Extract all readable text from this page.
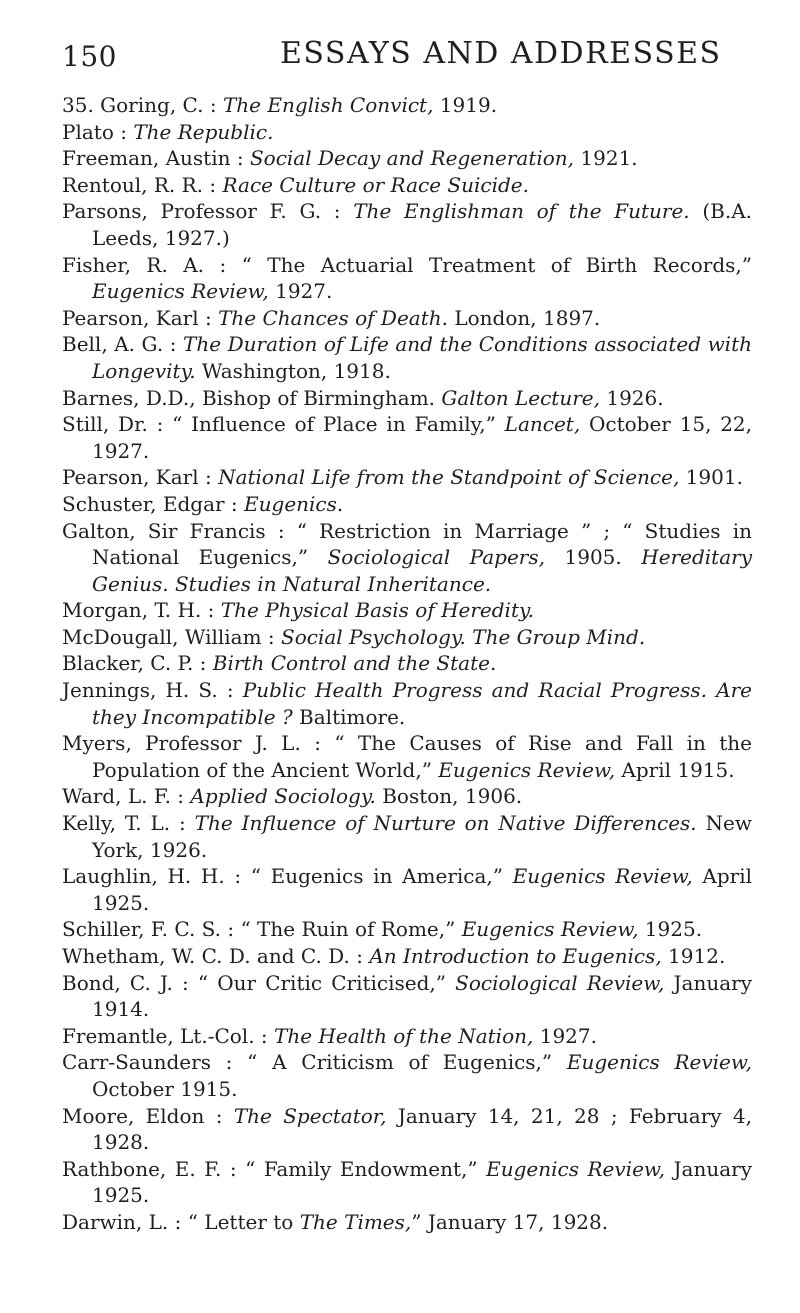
150	ESSAYS AND ADDRESSES
35. Goring, C. : The English Convict, 1919.
Plato : The Republic.
Freeman, Austin : Social Decay and Regeneration, 1921.
Rentoul, R. R. : Race Culture or Race Suicide.
Parsons, Professor F. G. : The Englishman of the Future. (B.A. Leeds, 1927.)
Fisher, R. A. : “ The Actuarial Treatment of Birth Records,” Eugenics Review, 1927.
Pearson, Karl : The Chances of Death. London, 1897.
Bell, A. G. : The Duration of Life and the Conditions associated with Longevity. Washington, 1918.
Barnes, D.D., Bishop of Birmingham. Galton Lecture, 1926.
Still, Dr. : “ Influence of Place in Family,” Lancet, October 15, 22, 1927.
Pearson, Karl : National Life from the Standpoint of Science, 1901.
Schuster, Edgar : Eugenics.
Galton, Sir Francis : “ Restriction in Marriage ” ; “ Studies in National Eugenics,” Sociological Papers, 1905. Hereditary Genius. Studies in Natural Inheritance.
Morgan, T. H. : The Physical Basis of Heredity.
McDougall, William : Social Psychology. The Group Mind.
Blacker, C. P. : Birth Control and the State.
Jennings, H. S. : Public Health Progress and Racial Progress. Are they Incompatible ? Baltimore.
Myers, Professor J. L. : “ The Causes of Rise and Fall in the Population of the Ancient World,” Eugenics Review, April 1915.
Ward, L. F. : Applied Sociology. Boston, 1906.
Kelly, T. L. : The Influence of Nurture on Native Differences. New York, 1926.
Laughlin, H. H. : “ Eugenics in America,” Eugenics Review, April 1925.
Schiller, F. C. S. : “ The Ruin of Rome,” Eugenics Review, 1925.
Whetham, W. C. D. and C. D. : An Introduction to Eugenics, 1912.
Bond, C. J. : “ Our Critic Criticised,” Sociological Review, January 1914.
Fremantle, Lt.-Col. : The Health of the Nation, 1927.
Carr-Saunders : “ A Criticism of Eugenics,” Eugenics Review, October 1915.
Moore, Eldon : The Spectator, January 14, 21, 28 ; February 4, 1928.
Rathbone, E. F. : “ Family Endowment,” Eugenics Review, January 1925.
Darwin, L. : “ Letter to The Times,” January 17, 1928.
